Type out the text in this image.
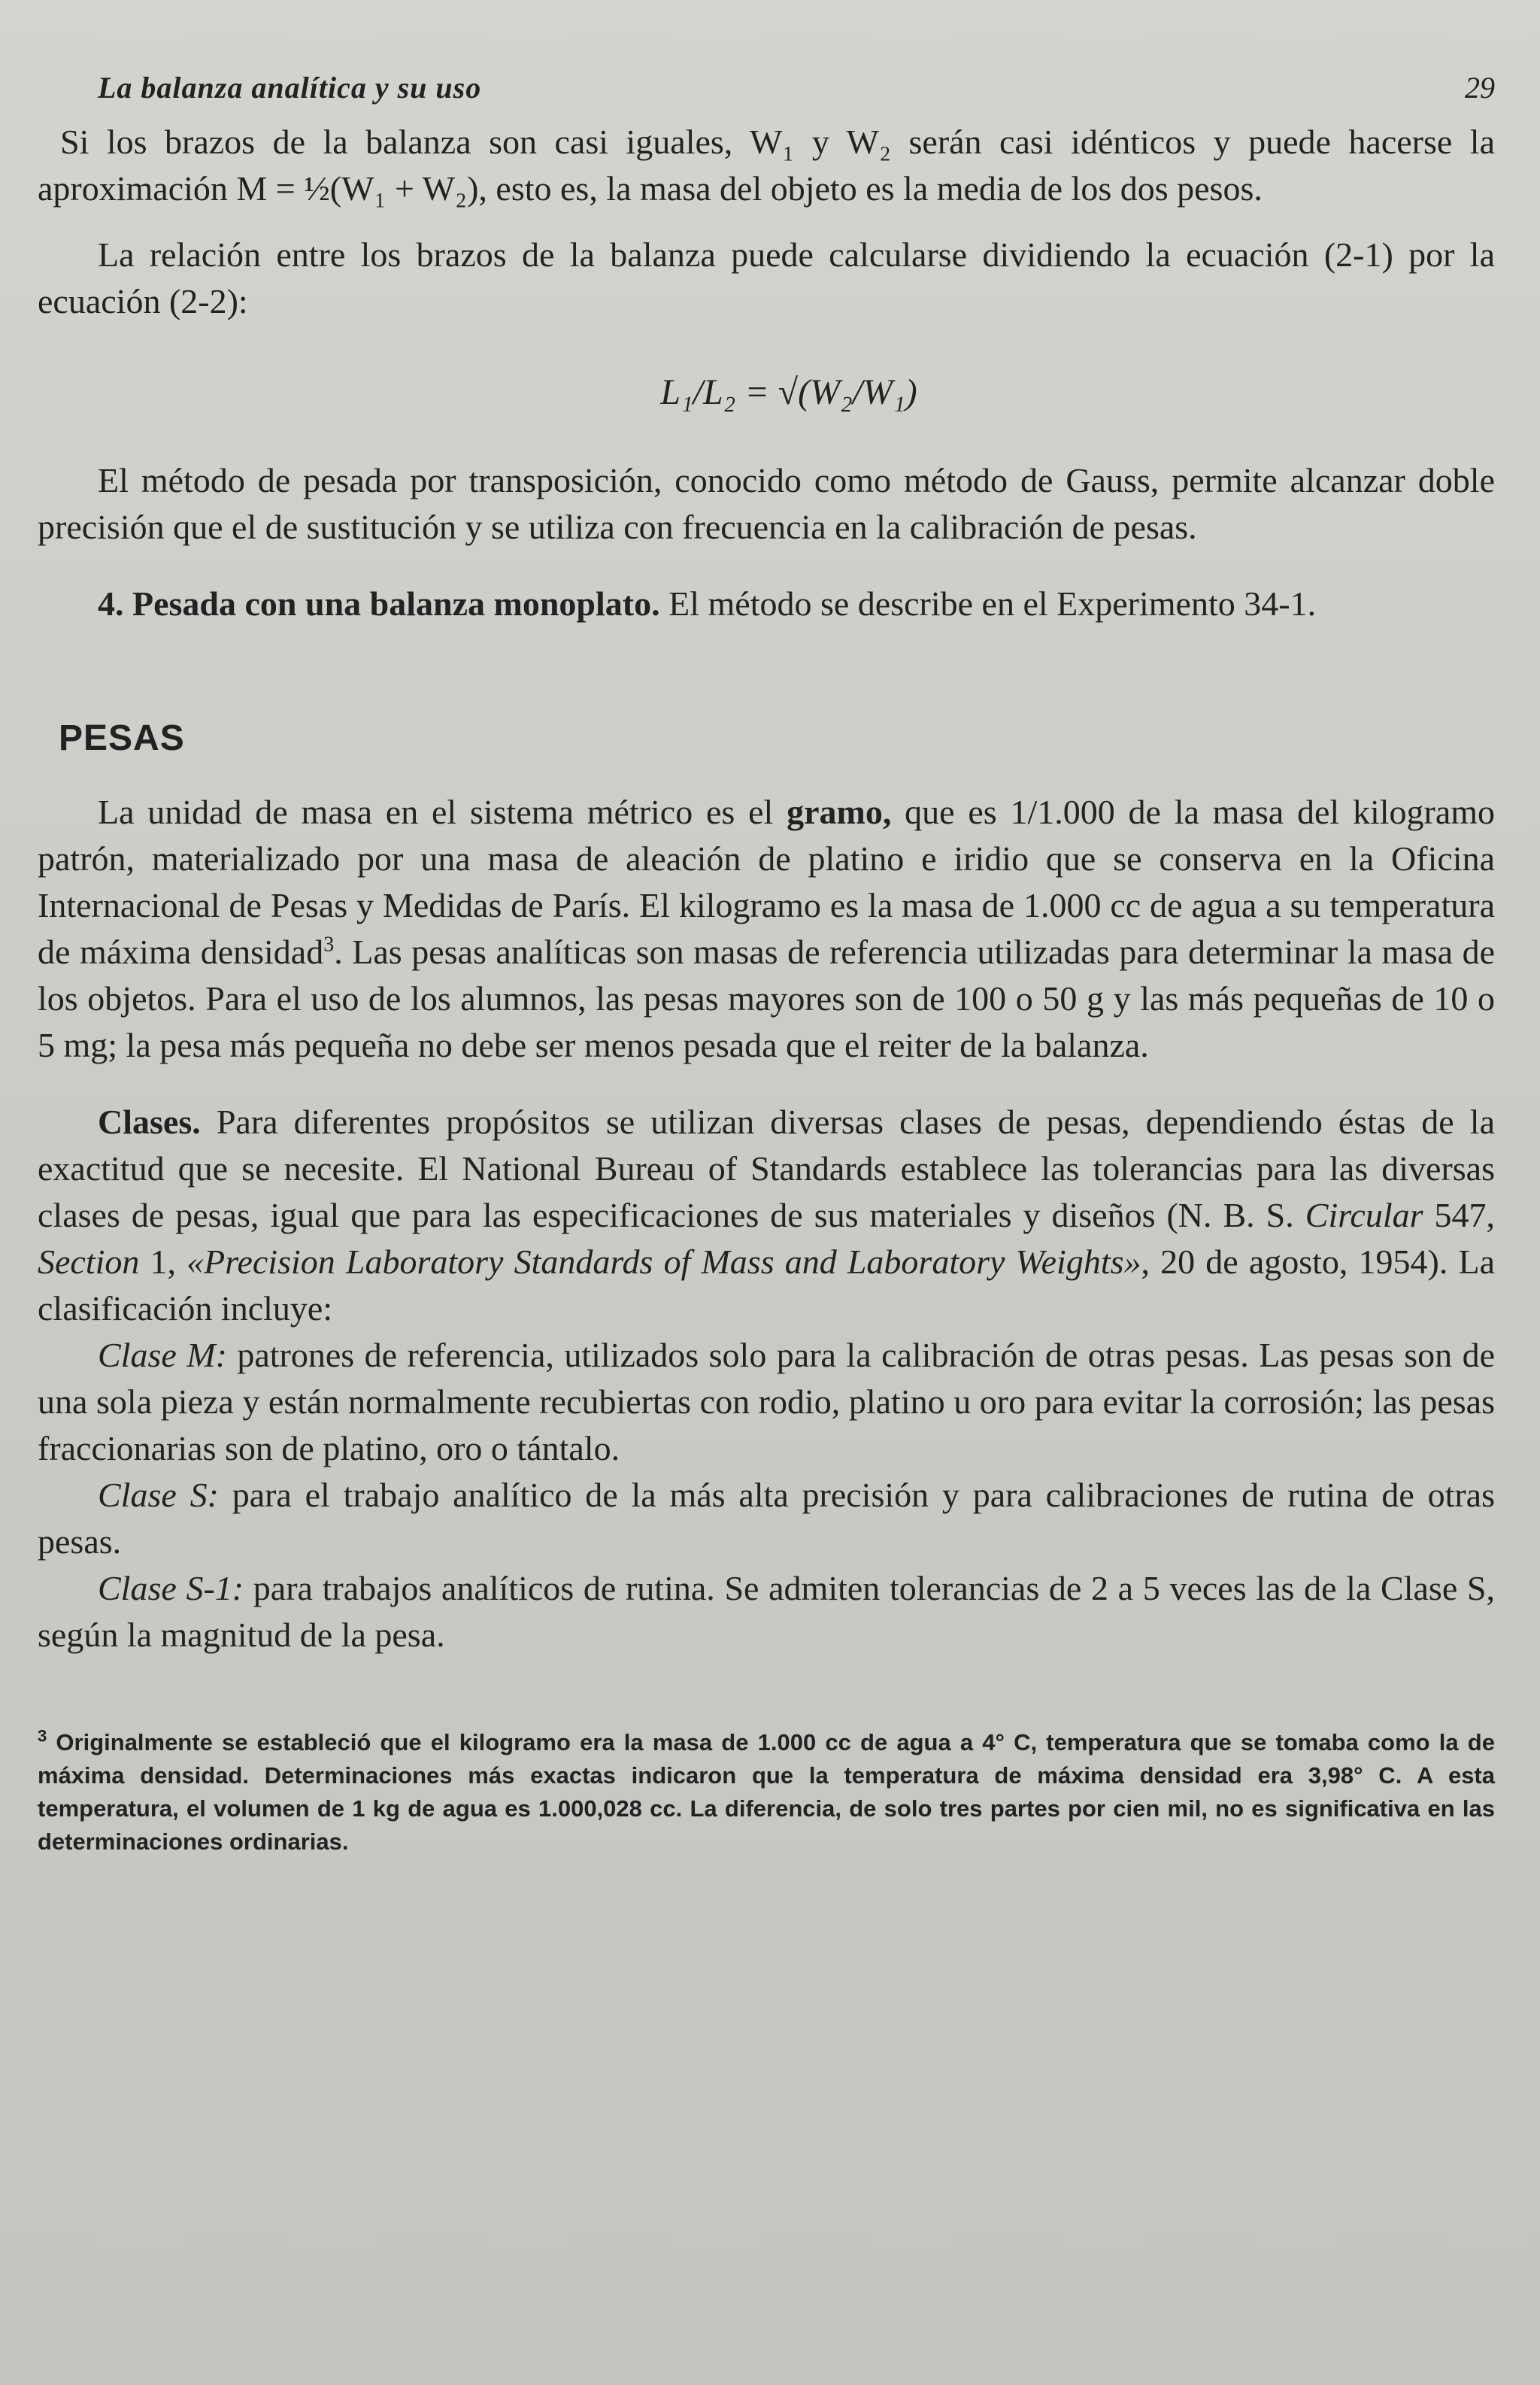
La balanza analítica y su uso	29

Si los brazos de la balanza son casi iguales, W₁ y W₂ serán casi idénticos y puede hacerse la aproximación M = ½(W₁ + W₂), esto es, la masa del objeto es la media de los dos pesos.

La relación entre los brazos de la balanza puede calcularse dividiendo la ecuación (2-1) por la ecuación (2-2):

L₁/L₂ = √(W₂/W₁)

El método de pesada por transposición, conocido como método de Gauss, permite alcanzar doble precisión que el de sustitución y se utiliza con frecuencia en la calibración de pesas.

4. Pesada con una balanza monoplato. El método se describe en el Experimento 34-1.

PESAS

La unidad de masa en el sistema métrico es el gramo, que es 1/1.000 de la masa del kilogramo patrón, materializado por una masa de aleación de platino e iridio que se conserva en la Oficina Internacional de Pesas y Medidas de París. El kilogramo es la masa de 1.000 cc de agua a su temperatura de máxima densidad$^3$. Las pesas analíticas son masas de referencia utilizadas para determinar la masa de los objetos. Para el uso de los alumnos, las pesas mayores son de 100 o 50 g y las más pequeñas de 10 o 5 mg; la pesa más pequeña no debe ser menos pesada que el reiter de la balanza.

Clases. Para diferentes propósitos se utilizan diversas clases de pesas, dependiendo éstas de la exactitud que se necesite. El National Bureau of Standards establece las tolerancias para las diversas clases de pesas, igual que para las especificaciones de sus materiales y diseños (N. B. S. Circular 547, Section 1, «Precision Laboratory Standards of Mass and Laboratory Weights», 20 de agosto, 1954). La clasificación incluye:

Clase M: patrones de referencia, utilizados solo para la calibración de otras pesas. Las pesas son de una sola pieza y están normalmente recubiertas con rodio, platino u oro para evitar la corrosión; las pesas fraccionarias son de platino, oro o tántalo.

Clase S: para el trabajo analítico de la más alta precisión y para calibraciones de rutina de otras pesas.

Clase S-1: para trabajos analíticos de rutina. Se admiten tolerancias de 2 a 5 veces las de la Clase S, según la magnitud de la pesa.

$^3$ Originalmente se estableció que el kilogramo era la masa de 1.000 cc de agua a 4° C, temperatura que se tomaba como la de máxima densidad. Determinaciones más exactas indicaron que la temperatura de máxima densidad era 3,98° C. A esta temperatura, el volumen de 1 kg de agua es 1.000,028 cc. La diferencia, de solo tres partes por cien mil, no es significativa en las determinaciones ordinarias.
